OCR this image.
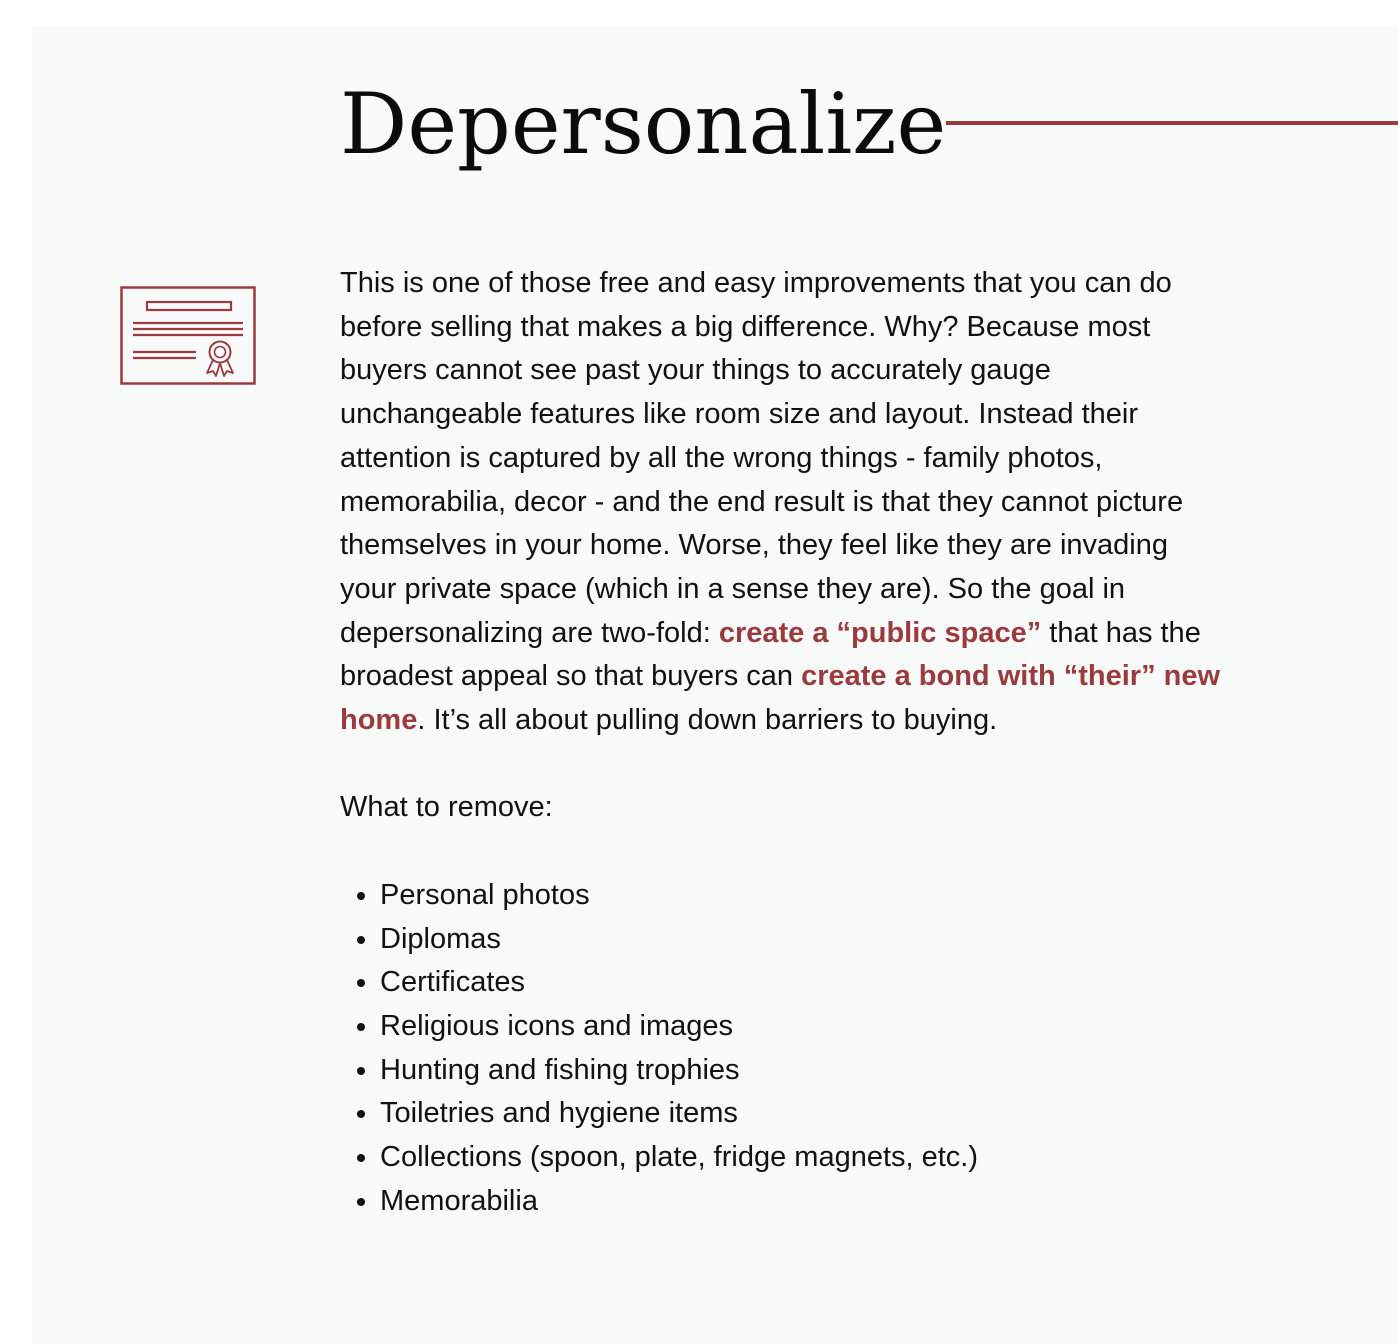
Depersonalize

This is one of those free and easy improvements that you can do before selling that makes a big difference. Why? Because most buyers cannot see past your things to accurately gauge unchangeable features like room size and layout. Instead their attention is captured by all the wrong things - family photos, memorabilia, decor - and the end result is that they cannot picture themselves in your home. Worse, they feel like they are invading your private space (which in a sense they are). So the goal in depersonalizing are two-fold: create a “public space” that has the broadest appeal so that buyers can create a bond with “their” new home. It’s all about pulling down barriers to buying.

What to remove:

• Personal photos
• Diplomas
• Certificates
• Religious icons and images
• Hunting and fishing trophies
• Toiletries and hygiene items
• Collections (spoon, plate, fridge magnets, etc.)
• Memorabilia
